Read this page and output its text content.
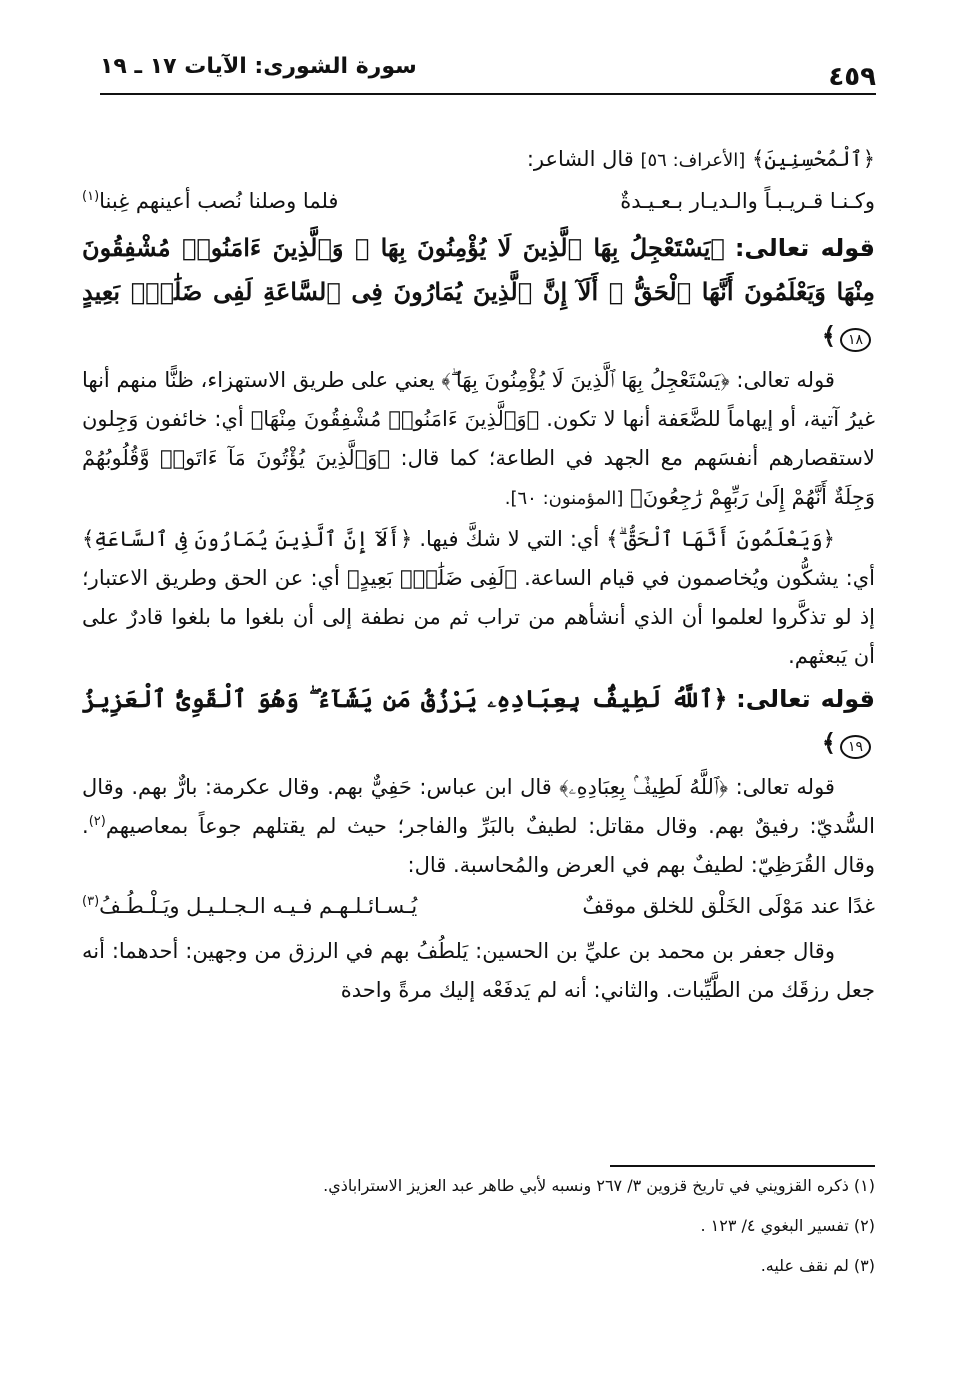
سورة الشورى: الآيات ١٧ ـ ١٩	٤٥٩

﴿ٱلْمُحْسِنِينَ﴾ [الأعراف: ٥٦] قال الشاعر:

وكـنـا قـريـبـاً والـديـار بـعـيـدةٌ
فلما وصلنا نُصب أعينهم غِبنا$^{(١)}$

قوله تعالى: ﴿يَسْتَعْجِلُ بِهَا ٱلَّذِينَ لَا يُؤْمِنُونَ بِهَا ۖ وَٱلَّذِينَ ءَامَنُوا۟ مُشْفِقُونَ مِنْهَا وَيَعْلَمُونَ أَنَّهَا ٱلْحَقُّ ۗ أَلَآ إِنَّ ٱلَّذِينَ يُمَارُونَ فِى ٱلسَّاعَةِ لَفِى ضَلَٰلٍۭ بَعِيدٍ ١٨﴾

قوله تعالى: ﴿يَسْتَعْجِلُ بِهَا ٱلَّذِينَ لَا يُؤْمِنُونَ بِهَا ۖ﴾ يعني على طريق الاستهزاء، ظنًّا منهم أنها غيرُ آتية، أو إيهاماً للضَّعَفة أنها لا تكون. ﴿وَٱلَّذِينَ ءَامَنُوا۟ مُشْفِقُونَ مِنْهَا﴾ أي: خائفون وَجِلون لاستقصارهم أنفسَهم مع الجهد في الطاعة؛ كما قال: ﴿وَٱلَّذِينَ يُؤْتُونَ مَآ ءَاتَوا۟ وَّقُلُوبُهُمْ وَجِلَةٌ أَنَّهُمْ إِلَىٰ رَبِّهِمْ رَٰجِعُونَ﴾ [المؤمنون: ٦٠].

﴿وَيَعْلَمُونَ أَنَّهَا ٱلْحَقُّ ۗ﴾ أي: التي لا شكَّ فيها. ﴿أَلَآ إِنَّ ٱلَّذِينَ يُمَارُونَ فِى ٱلسَّاعَةِ﴾ أي: يشكُّون ويُخاصمون في قيام الساعة. ﴿لَفِى ضَلَٰلٍۭ بَعِيدٍ﴾ أي: عن الحق وطريق الاعتبار؛ إذ لو تذكَّروا لعلموا أن الذي أنشأهم من تراب ثم من نطفة إلى أن بلغوا ما بلغوا قادرٌ على أن يَبعثهم.

قوله تعالى: ﴿ٱللَّهُ لَطِيفٌۢ بِعِبَادِهِۦ يَرْزُقُ مَن يَشَآءُ ۖ وَهُوَ ٱلْقَوِىُّ ٱلْعَزِيزُ ١٩﴾

قوله تعالى: ﴿ٱللَّهُ لَطِيفٌۢ بِعِبَادِهِۦ﴾ قال ابن عباس: حَفِيٌّ بهم. وقال عكرمة: بارٌّ بهم. وقال السُّديّ: رفيقٌ بهم. وقال مقاتل: لطيفٌ بالبَرِّ والفاجر؛ حيث لم يقتلهم جوعاً بمعاصيهم$^{(٢)}$. وقال القُرَظِيّ: لطيفٌ بهم في العرض والمُحاسبة. قال:

غدًا عند مَوْلَى الخَلْق للخلق موقفٌ
يُـسـائـلـهـم فـيـه الـجـلـيـل ويَـلْـطُـفُ$^{(٣)}$

وقال جعفر بن محمد بن عليِّ بن الحسين: يَلطُفُ بهم في الرزق من وجهين: أحدهما: أنه جعل رزقَك من الطَّيِّبات. والثاني: أنه لم يَدفَعْه إليك مرةً واحدة

(١) ذكره القزويني في تاريخ قزوين ٣/ ٢٦٧ ونسبه لأبي طاهر عبد العزيز الاستراباذي.
(٢) تفسير البغوي ٤/ ١٢٣ .
(٣) لم نقف عليه.
